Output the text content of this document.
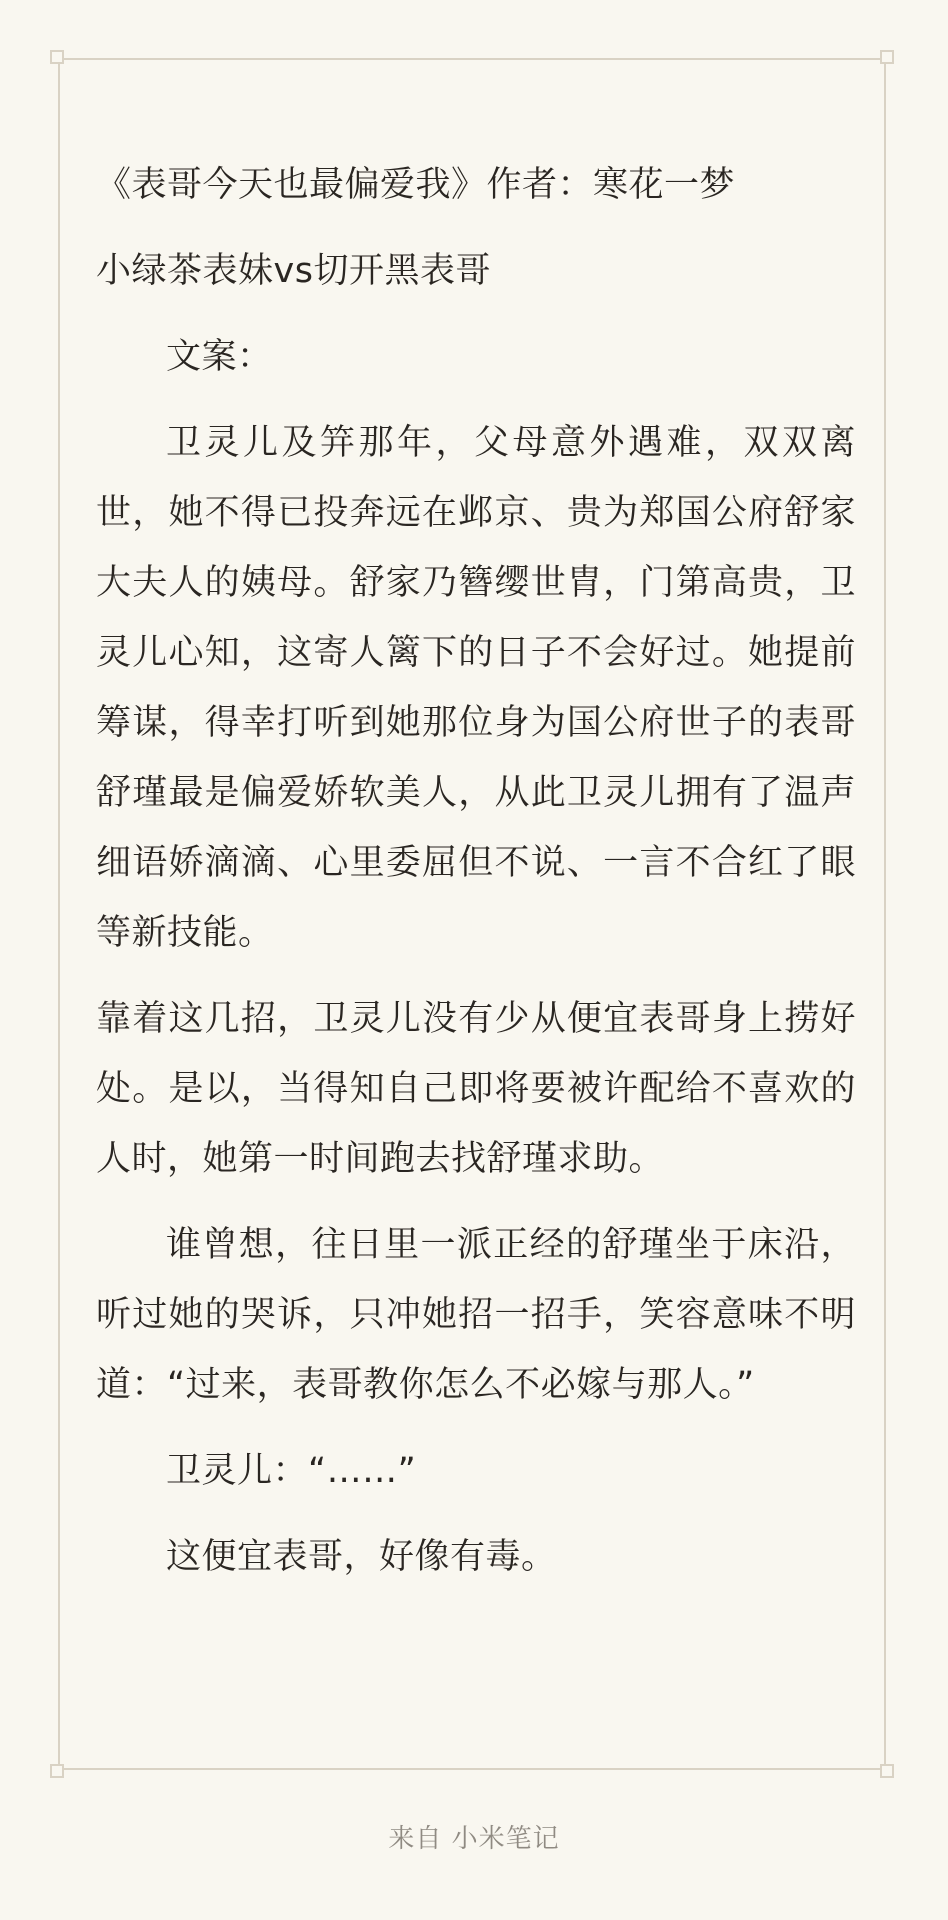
《表哥今天也最偏爱我》作者：寒花一梦

小绿茶表妹vs切开黑表哥

文案：

卫灵儿及笄那年，父母意外遇难，双双离世，她不得已投奔远在邺京、贵为郑国公府舒家大夫人的姨母。舒家乃簪缨世胄，门第高贵，卫灵儿心知，这寄人篱下的日子不会好过。她提前筹谋，得幸打听到她那位身为国公府世子的表哥舒瑾最是偏爱娇软美人，从此卫灵儿拥有了温声细语娇滴滴、心里委屈但不说、一言不合红了眼等新技能。

靠着这几招，卫灵儿没有少从便宜表哥身上捞好处。是以，当得知自己即将要被许配给不喜欢的人时，她第一时间跑去找舒瑾求助。

谁曾想，往日里一派正经的舒瑾坐于床沿，听过她的哭诉，只冲她招一招手，笑容意味不明道：“过来，表哥教你怎么不必嫁与那人。”

卫灵儿：“……”

这便宜表哥，好像有毒。

来自 小米笔记
